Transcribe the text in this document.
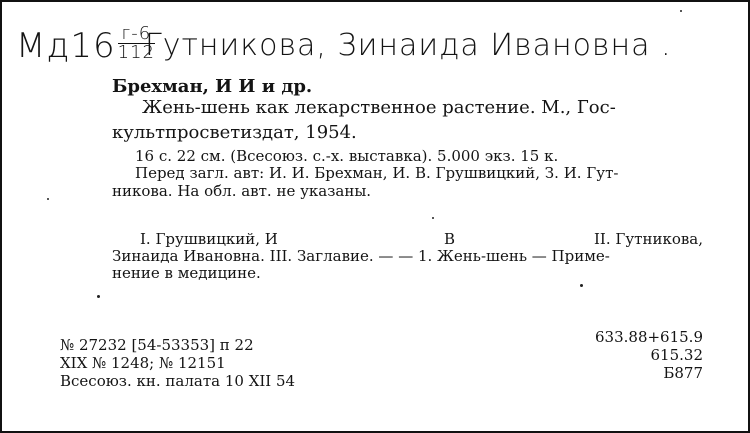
Мд16 г-6
112
Гутникова, Зинаида Ивановна .
Брехман, И И и др.
Жень-шень как лекарственное растение. М., Гос-
культпросветиздат, 1954.
16 с. 22 см. (Всесоюз. с.-х. выставка). 5.000 экз. 15 к.
Перед загл. авт: И. И. Брехман, И. В. Грушвицкий, З. И. Гут-
никова. На обл. авт. не указаны.
I. Грушвицкий, И	В	II. Гутникова,
Зинаида Ивановна. III. Заглавие. — — 1. Жень-шень — Приме-
нение в медицине.
№ 27232 [54-53353] п 22
XIX № 1248; № 12151
Всесоюз. кн. палата 10 XII 54
633.88+615.9
615.32
Б877
